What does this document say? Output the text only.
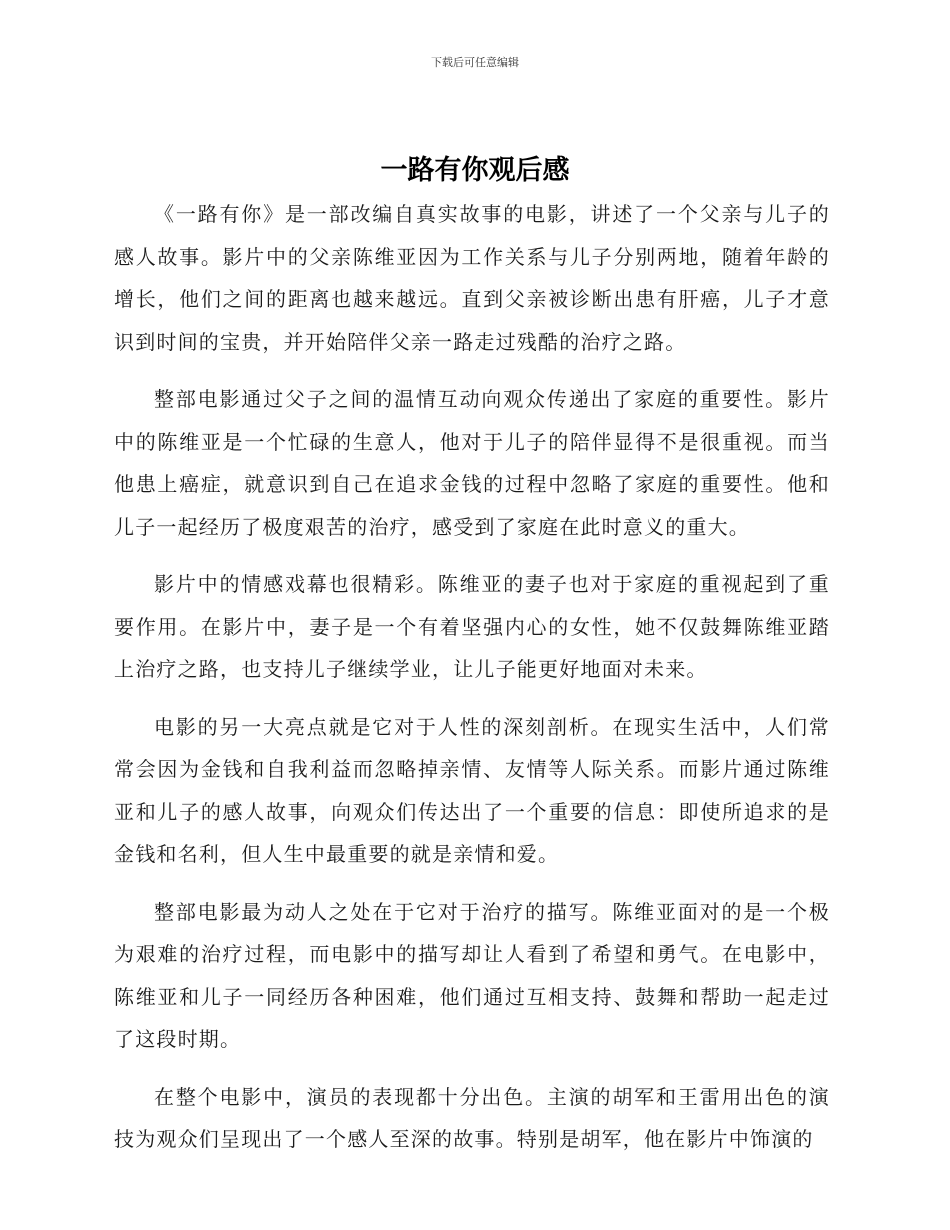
下载后可任意编辑
一路有你观后感

《一路有你》是一部改编自真实故事的电影，讲述了一个父亲与儿子的感人故事。影片中的父亲陈维亚因为工作关系与儿子分别两地，随着年龄的增长，他们之间的距离也越来越远。直到父亲被诊断出患有肝癌，儿子才意识到时间的宝贵，并开始陪伴父亲一路走过残酷的治疗之路。

整部电影通过父子之间的温情互动向观众传递出了家庭的重要性。影片中的陈维亚是一个忙碌的生意人，他对于儿子的陪伴显得不是很重视。而当他患上癌症，就意识到自己在追求金钱的过程中忽略了家庭的重要性。他和儿子一起经历了极度艰苦的治疗，感受到了家庭在此时意义的重大。

影片中的情感戏幕也很精彩。陈维亚的妻子也对于家庭的重视起到了重要作用。在影片中，妻子是一个有着坚强内心的女性，她不仅鼓舞陈维亚踏上治疗之路，也支持儿子继续学业，让儿子能更好地面对未来。

电影的另一大亮点就是它对于人性的深刻剖析。在现实生活中，人们常常会因为金钱和自我利益而忽略掉亲情、友情等人际关系。而影片通过陈维亚和儿子的感人故事，向观众们传达出了一个重要的信息：即使所追求的是金钱和名利，但人生中最重要的就是亲情和爱。

整部电影最为动人之处在于它对于治疗的描写。陈维亚面对的是一个极为艰难的治疗过程，而电影中的描写却让人看到了希望和勇气。在电影中，陈维亚和儿子一同经历各种困难，他们通过互相支持、鼓舞和帮助一起走过了这段时期。

在整个电影中，演员的表现都十分出色。主演的胡军和王雷用出色的演技为观众们呈现出了一个感人至深的故事。特别是胡军，他在影片中饰演的
